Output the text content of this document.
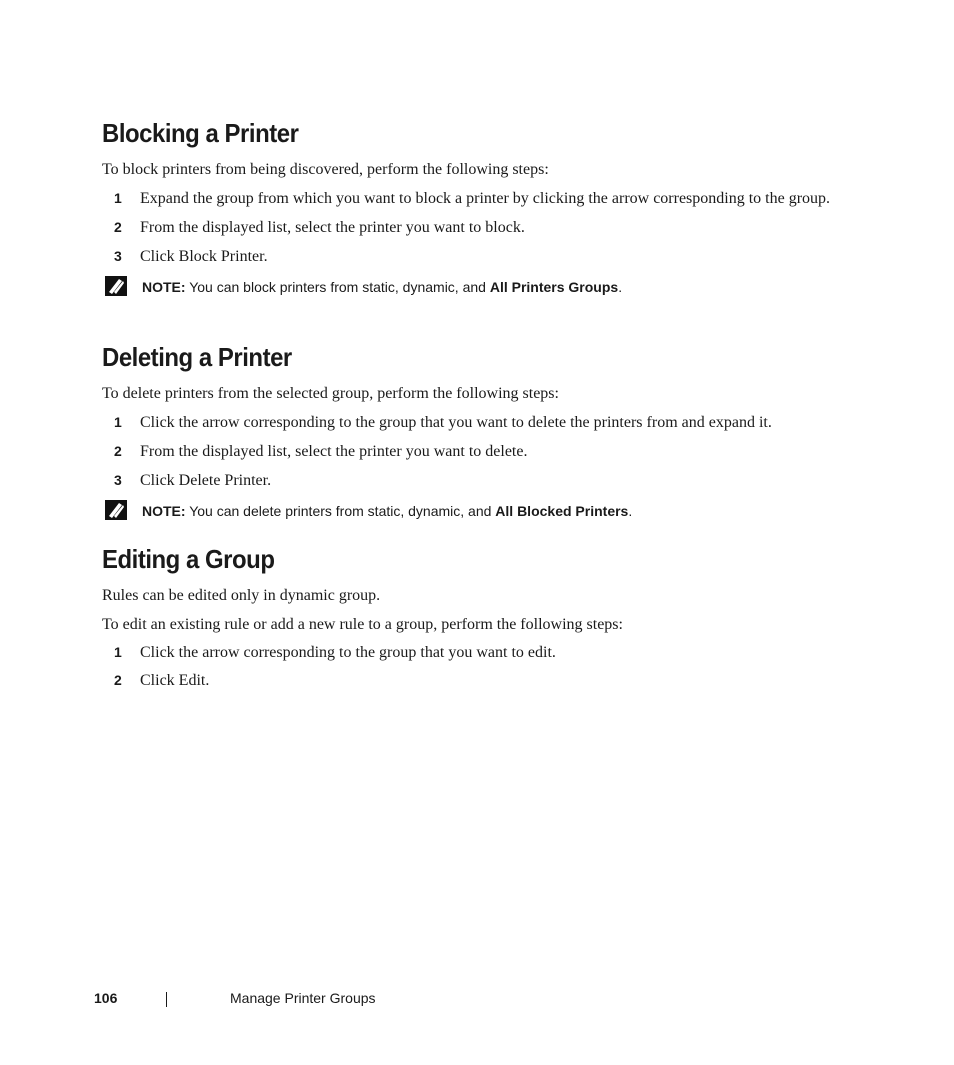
Blocking a Printer

To block printers from being discovered, perform the following steps:

1 Expand the group from which you want to block a printer by clicking the arrow corresponding to the group.
2 From the displayed list, select the printer you want to block.
3 Click Block Printer.
NOTE: You can block printers from static, dynamic, and All Printers Groups.
Deleting a Printer

To delete printers from the selected group, perform the following steps:

1 Click the arrow corresponding to the group that you want to delete the printers from and expand it.
2 From the displayed list, select the printer you want to delete.
3 Click Delete Printer.
NOTE: You can delete printers from static, dynamic, and All Blocked Printers.
Editing a Group

Rules can be edited only in dynamic group.

To edit an existing rule or add a new rule to a group, perform the following steps:

1 Click the arrow corresponding to the group that you want to edit.
2 Click Edit.
106	Manage Printer Groups
